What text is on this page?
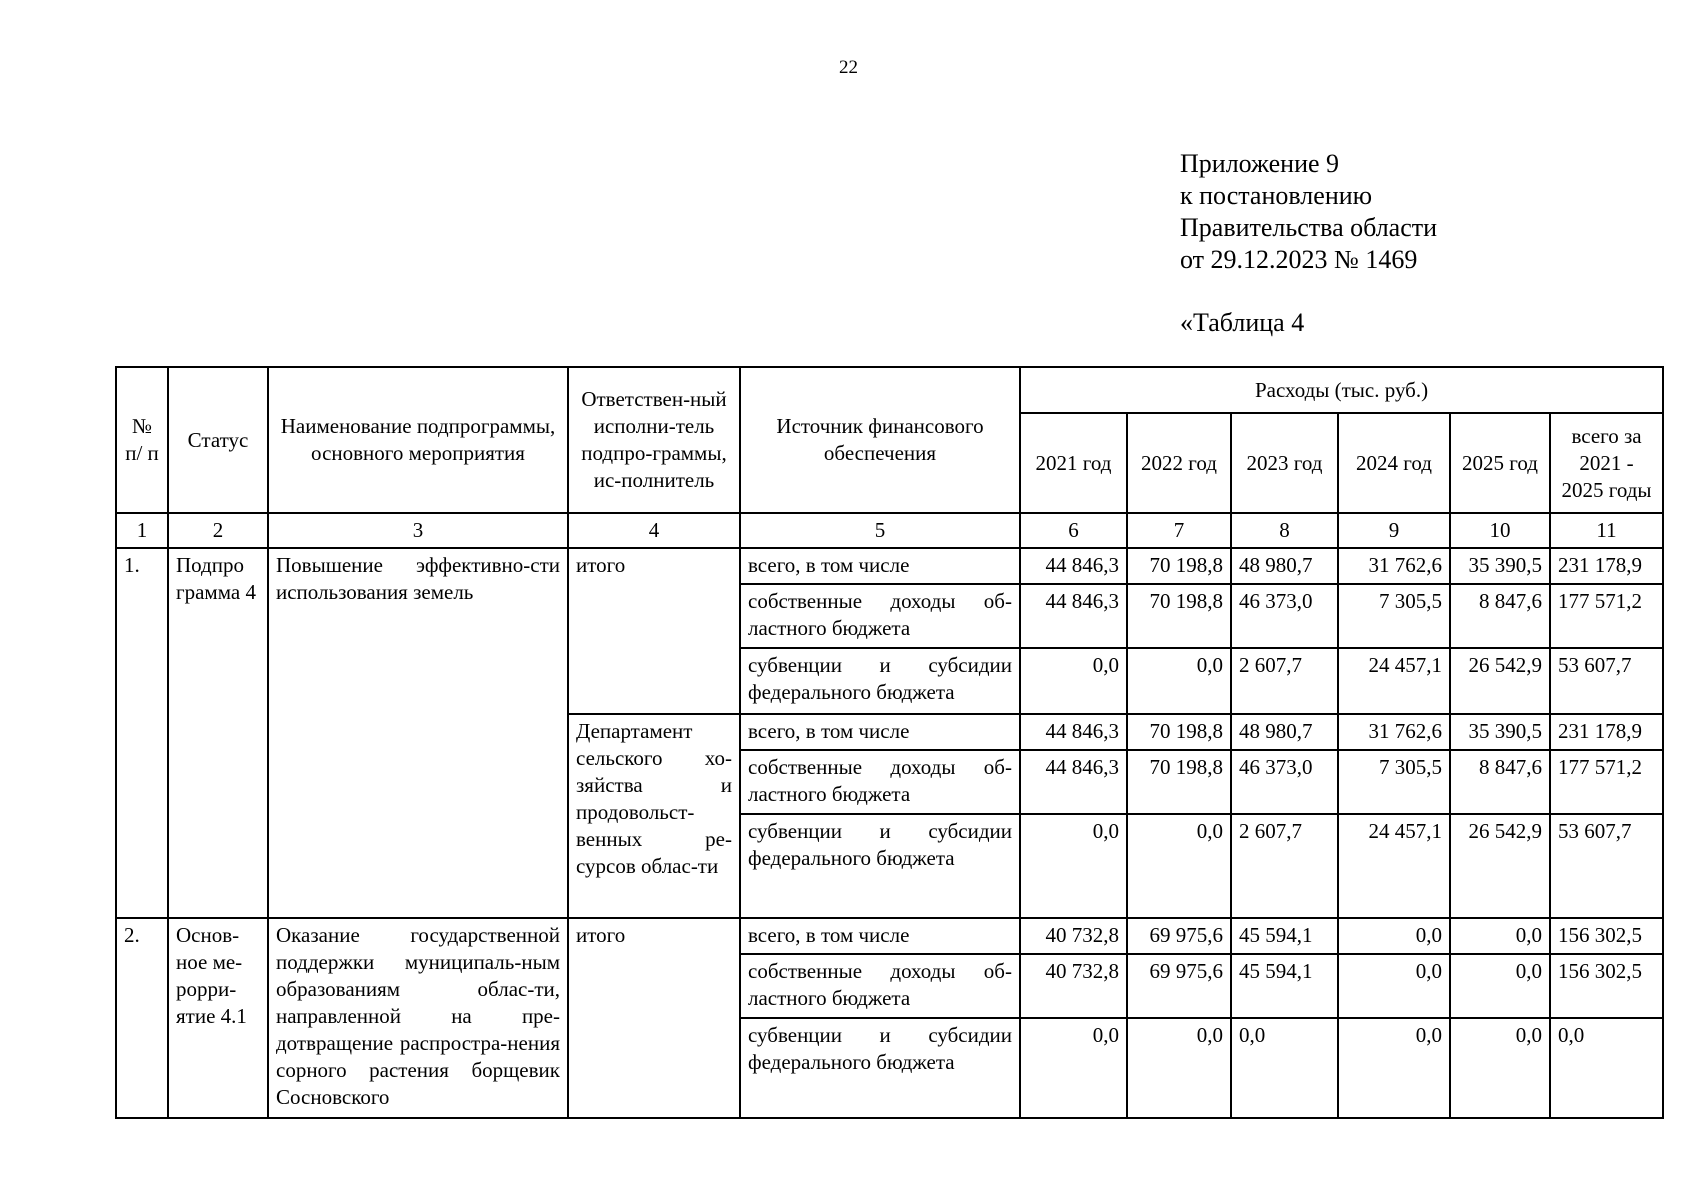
22
Приложение 9
к постановлению
Правительства области
от 29.12.2023 № 1469
«Таблица 4
№ п/ п	Статус	Наименование подпрограммы, основного мероприятия	Ответствен-ный исполни-тель подпро-граммы, ис-полнитель	Источник финансового обеспечения	Расходы (тыс. руб.)					
					2021 год	2022 год	2023 год	2024 год	2025 год	всего за 2021 - 2025 годы
1	2	3	4	5	6	7	8	9	10	11
1.	Подпро грамма 4	Повышение эффективно-сти использования земель	итого	всего, в том числе	44 846,3	70 198,8	48 980,7	31 762,6	35 390,5	231 178,9
				собственные доходы об-ластного бюджета	44 846,3	70 198,8	46 373,0	7 305,5	8 847,6	177 571,2
				субвенции и субсидии федерального бюджета	0,0	0,0	2 607,7	24 457,1	26 542,9	53 607,7
			Департамент сельского хо-зяйства и продовольст-венных ре-сурсов облас-ти	всего, в том числе	44 846,3	70 198,8	48 980,7	31 762,6	35 390,5	231 178,9
				собственные доходы об-ластного бюджета	44 846,3	70 198,8	46 373,0	7 305,5	8 847,6	177 571,2
				субвенции и субсидии федерального бюджета	0,0	0,0	2 607,7	24 457,1	26 542,9	53 607,7
2.	Основ-ное ме-роpри-ятие 4.1	Оказание государственной поддержки муниципаль-ным образованиям облас-ти, направленной на пре-дотвращение распростра-нения сорного растения борщевик Сосновского	итого	всего, в том числе	40 732,8	69 975,6	45 594,1	0,0	0,0	156 302,5
				собственные доходы об-ластного бюджета	40 732,8	69 975,6	45 594,1	0,0	0,0	156 302,5
				субвенции и субсидии федерального бюджета	0,0	0,0	0,0	0,0	0,0	0,0
